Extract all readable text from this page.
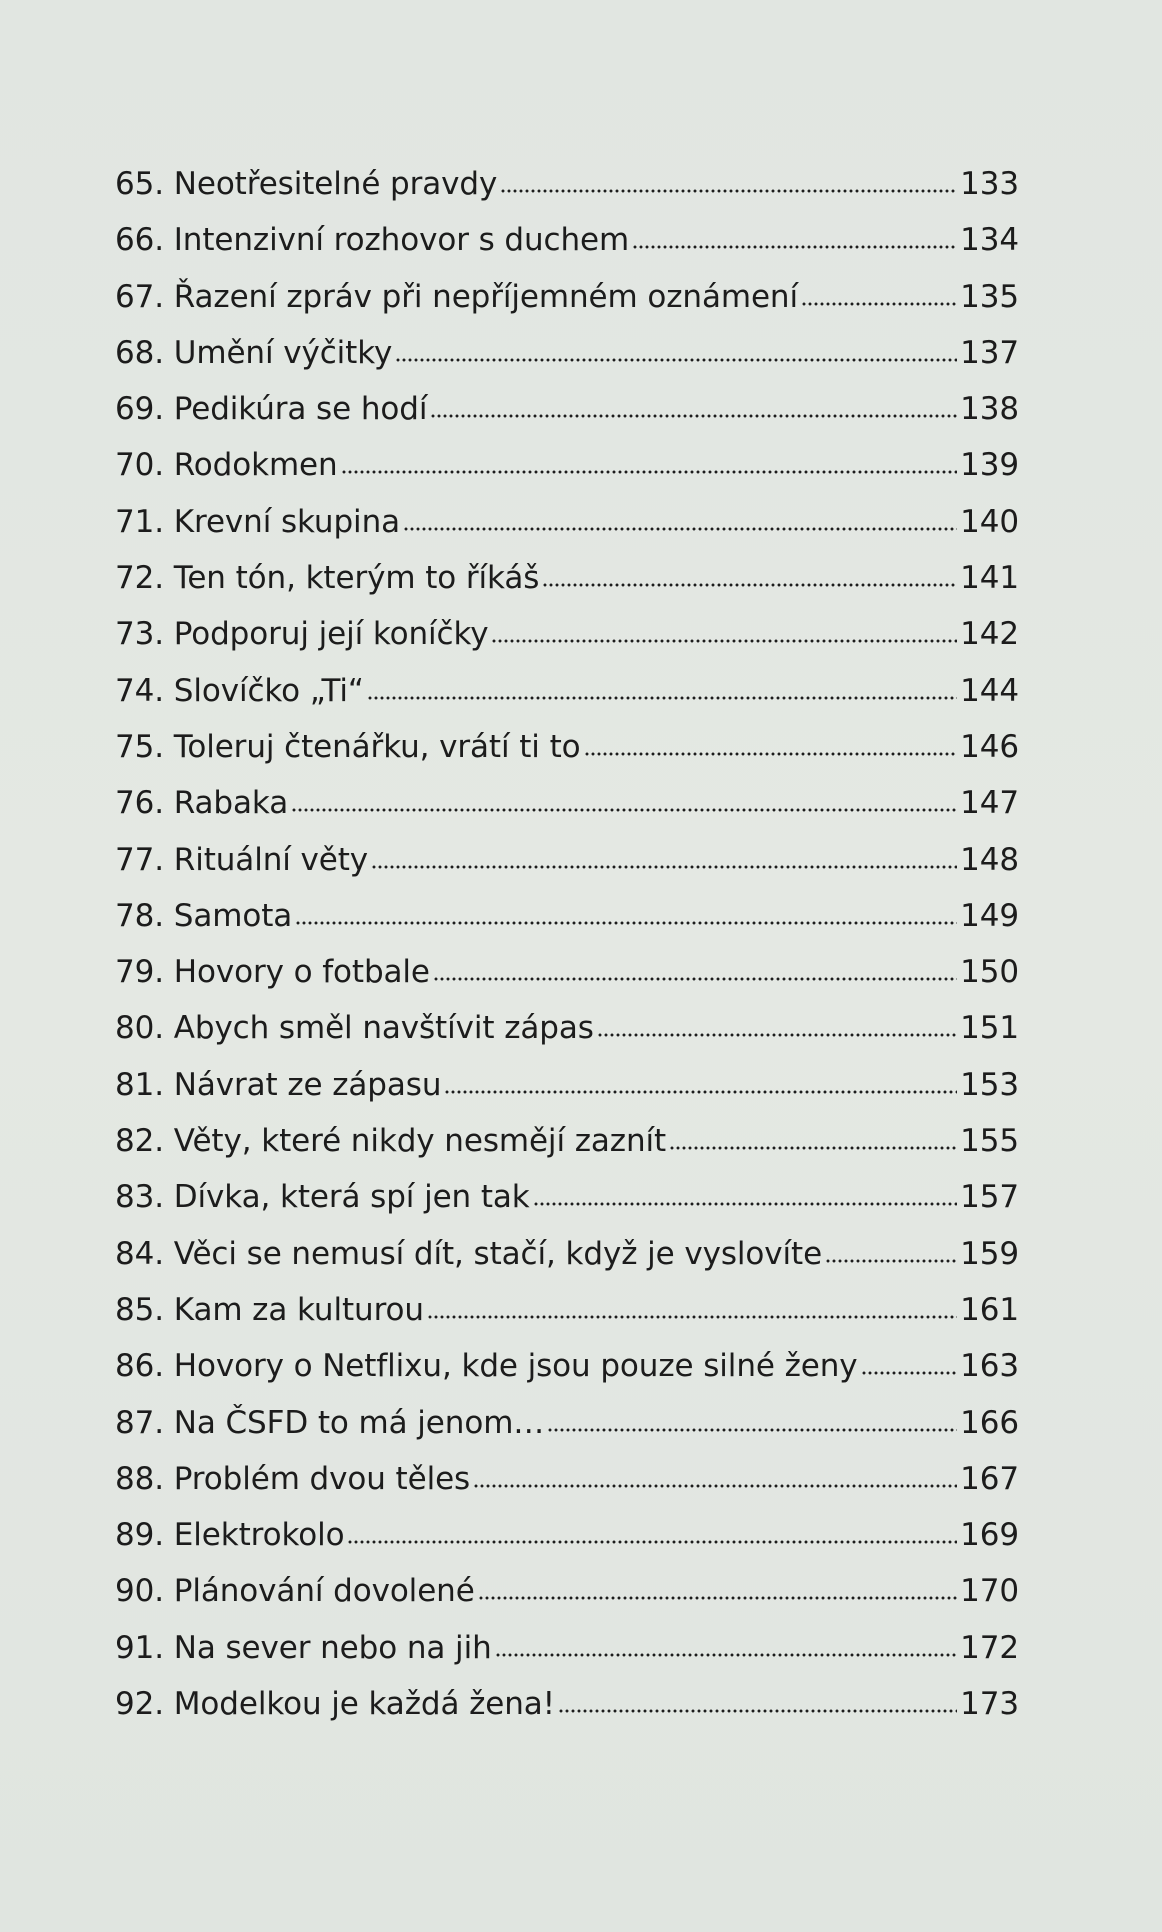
65. Neotřesitelné pravdy	133
66. Intenzivní rozhovor s duchem	134
67. Řazení zpráv při nepříjemném oznámení	135
68. Umění výčitky	137
69. Pedikúra se hodí	138
70. Rodokmen	139
71. Krevní skupina	140
72. Ten tón, kterým to říkáš	141
73. Podporuj její koníčky	142
74. Slovíčko „Ti“	144
75. Toleruj čtenářku, vrátí ti to	146
76. Rabaka	147
77. Rituální věty	148
78. Samota	149
79. Hovory o fotbale	150
80. Abych směl navštívit zápas	151
81. Návrat ze zápasu	153
82. Věty, které nikdy nesmějí zaznít	155
83. Dívka, která spí jen tak	157
84. Věci se nemusí dít, stačí, když je vyslovíte	159
85. Kam za kulturou	161
86. Hovory o Netflixu, kde jsou pouze silné ženy	163
87. Na ČSFD to má jenom…	166
88. Problém dvou těles	167
89. Elektrokolo	169
90. Plánování dovolené	170
91. Na sever nebo na jih	172
92. Modelkou je každá žena!	173
